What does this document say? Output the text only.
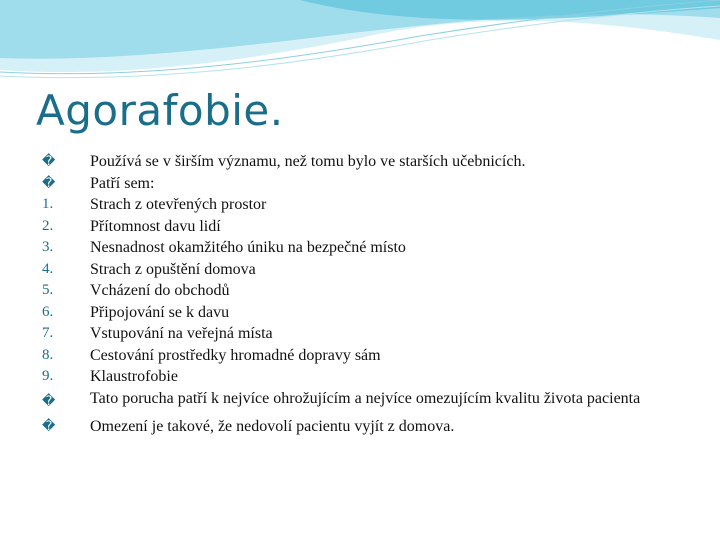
Agorafobie.
�	Používá se v širším významu, než tomu bylo ve starších učebnicích.
�	Patří sem:
1.	Strach z otevřených prostor
2.	Přítomnost davu lidí
3.	Nesnadnost okamžitého úniku na bezpečné místo
4.	Strach z opuštění domova
5.	Vcházení do obchodů
6.	Připojování se k davu
7.	Vstupování na veřejná místa
8.	Cestování prostředky hromadné dopravy sám
9.	Klaustrofobie
�	Tato porucha patří k nejvíce ohrožujícím a nejvíce omezujícím kvalitu života pacienta
�	Omezení je takové, že nedovolí pacientu vyjít z domova.
